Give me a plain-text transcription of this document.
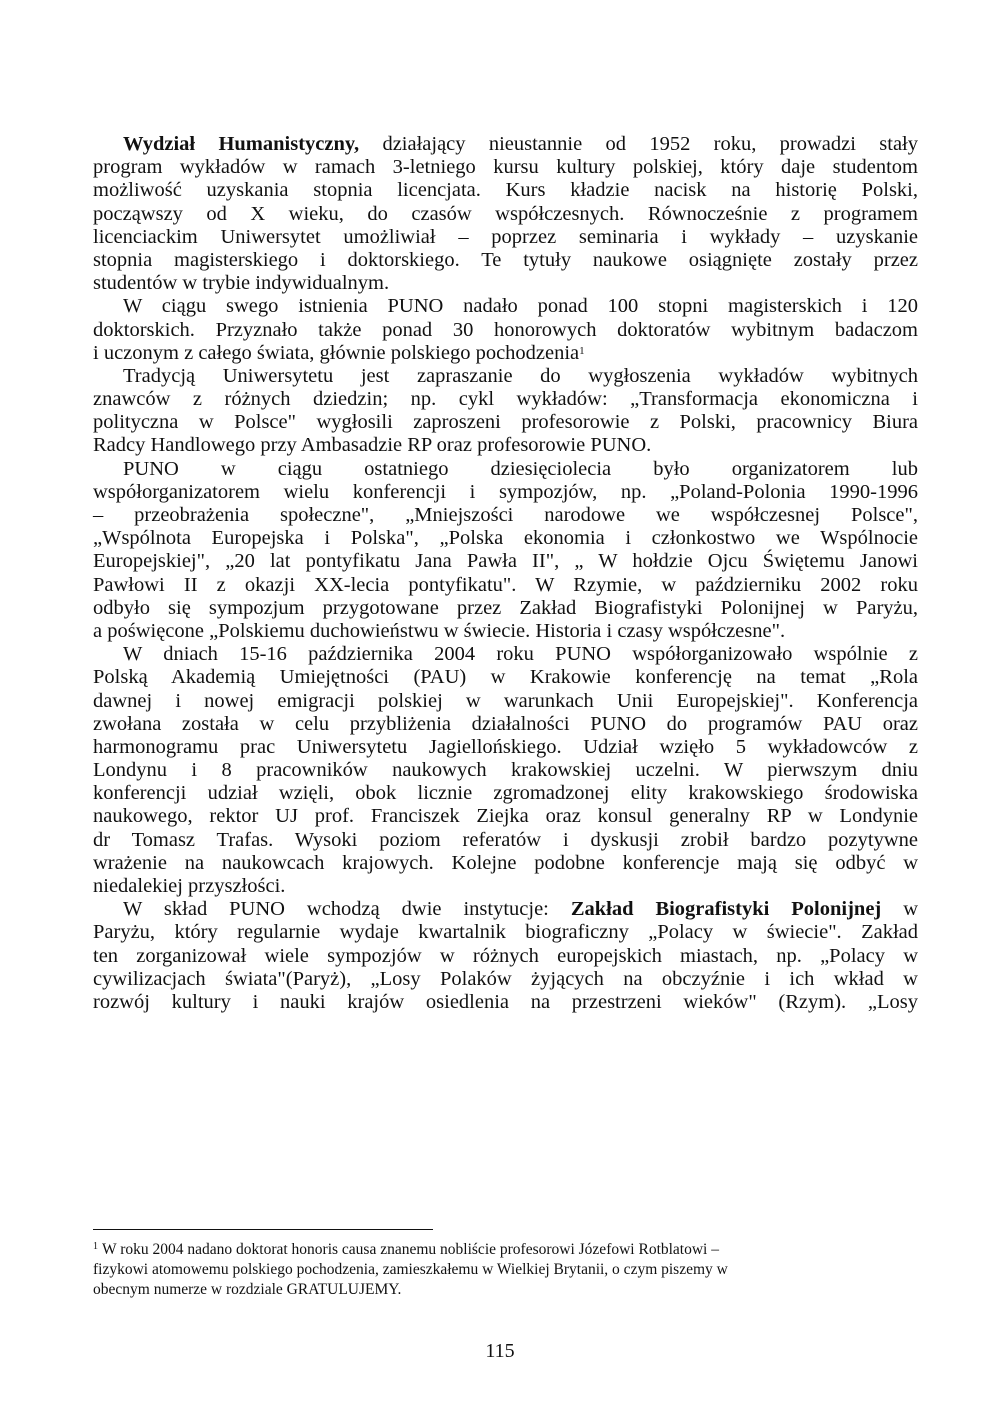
Wydział Humanistyczny, działający nieustannie od 1952 roku, prowadzi stały
program wykładów w ramach 3-letniego kursu kultury polskiej, który daje studentom
możliwość uzyskania stopnia licencjata. Kurs kładzie nacisk na historię Polski,
począwszy od X wieku, do czasów współczesnych. Równocześnie z programem
licenciackim Uniwersytet umożliwiał – poprzez seminaria i wykłady – uzyskanie
stopnia magisterskiego i doktorskiego. Te tytuły naukowe osiągnięte zostały przez
studentów w trybie indywidualnym.
W ciągu swego istnienia PUNO nadało ponad 100 stopni magisterskich i 120
doktorskich. Przyznało także ponad 30 honorowych doktoratów wybitnym badaczom
i uczonym z całego świata, głównie polskiego pochodzenia$^1$
Tradycją Uniwersytetu jest zapraszanie do wygłoszenia wykładów wybitnych
znawców z różnych dziedzin; np. cykl wykładów: „Transformacja ekonomiczna i
polityczna w Polsce" wygłosili zaproszeni profesorowie z Polski, pracownicy Biura
Radcy Handlowego przy Ambasadzie RP oraz profesorowie PUNO.
PUNO w ciągu ostatniego dziesięciolecia było organizatorem lub
współorganizatorem wielu konferencji i sympozjów, np. „Poland-Polonia 1990-1996
– przeobrażenia społeczne", „Mniejszości narodowe we współczesnej Polsce",
„Wspólnota Europejska i Polska", „Polska ekonomia i członkostwo we Wspólnocie
Europejskiej", „20 lat pontyfikatu Jana Pawła II", „ W hołdzie Ojcu Świętemu Janowi
Pawłowi II z okazji XX-lecia pontyfikatu". W Rzymie, w październiku 2002 roku
odbyło się sympozjum przygotowane przez Zakład Biografistyki Polonijnej w Paryżu,
a poświęcone „Polskiemu duchowieństwu w świecie. Historia i czasy współczesne".
W dniach 15-16 października 2004 roku PUNO współorganizowało wspólnie z
Polską Akademią Umiejętności (PAU) w Krakowie konferencję na temat „Rola
dawnej i nowej emigracji polskiej w warunkach Unii Europejskiej". Konferencja
zwołana została w celu przybliżenia działalności PUNO do programów PAU oraz
harmonogramu prac Uniwersytetu Jagiellońskiego. Udział wzięło 5 wykładowców z
Londynu i 8 pracowników naukowych krakowskiej uczelni. W pierwszym dniu
konferencji udział wzięli, obok licznie zgromadzonej elity krakowskiego środowiska
naukowego, rektor UJ prof. Franciszek Ziejka oraz konsul generalny RP w Londynie
dr Tomasz Trafas. Wysoki poziom referatów i dyskusji zrobił bardzo pozytywne
wrażenie na naukowcach krajowych. Kolejne podobne konferencje mają się odbyć w
niedalekiej przyszłości.
W skład PUNO wchodzą dwie instytucje: Zakład Biografistyki Polonijnej w
Paryżu, który regularnie wydaje kwartalnik biograficzny „Polacy w świecie". Zakład
ten zorganizował wiele sympozjów w różnych europejskich miastach, np. „Polacy w
cywilizacjach świata"(Paryż), „Losy Polaków żyjących na obczyźnie i ich wkład w
rozwój kultury i nauki krajów osiedlenia na przestrzeni wieków" (Rzym). „Losy
$^1$ W roku 2004 nadano doktorat honoris causa znanemu nobliście profesorowi Józefowi Rotblatowi –
fizykowi atomowemu polskiego pochodzenia, zamieszkałemu w Wielkiej Brytanii, o czym piszemy w
obecnym numerze w rozdziale GRATULUJEMY.
115
